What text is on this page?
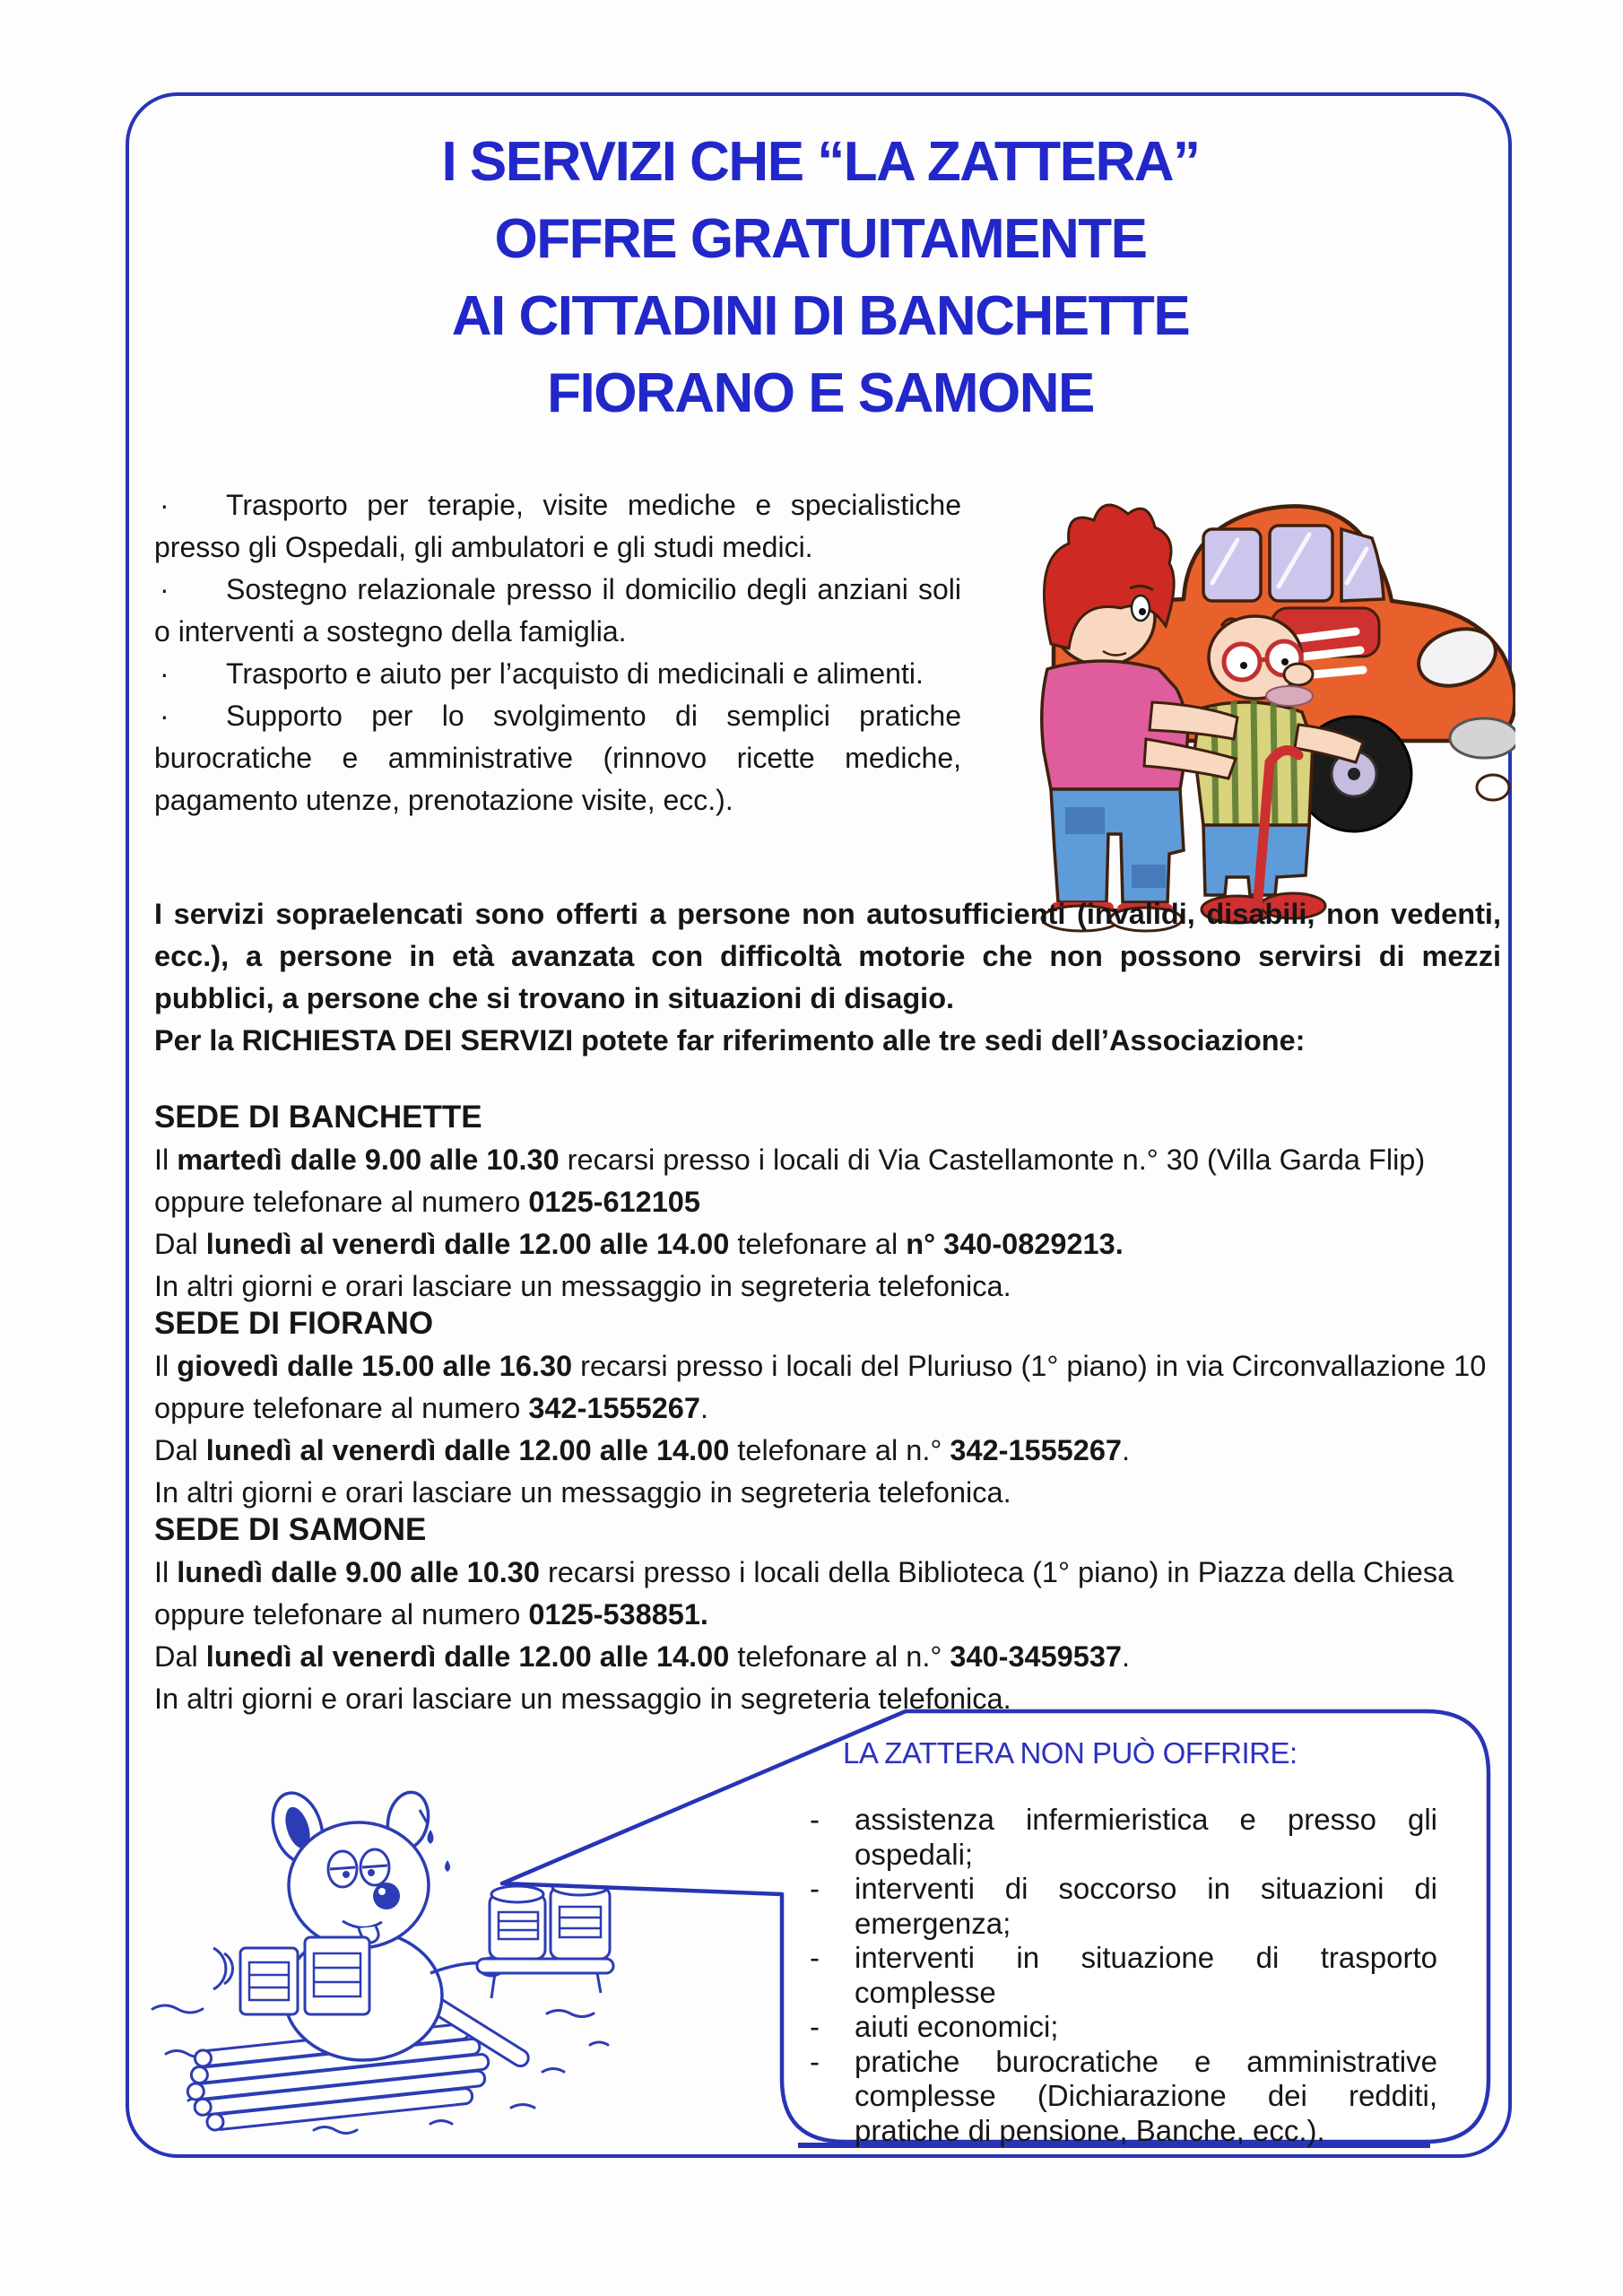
I SERVIZI CHE “LA ZATTERA”
OFFRE GRATUITAMENTE
AI CITTADINI DI BANCHETTE
FIORANO E SAMONE

· Trasporto per terapie, visite mediche e specialistiche presso gli Ospedali, gli ambulatori e gli studi medici.

· Sostegno relazionale presso il domicilio degli anziani soli o interventi a sostegno della famiglia.

· Trasporto e aiuto per l’acquisto di medicinali e alimenti.

· Supporto per lo svolgimento di semplici pratiche burocratiche e amministrative (rinnovo ricette mediche, pagamento utenze, prenotazione visite, ecc.).

I servizi sopraelencati sono offerti a persone non autosufficienti (invalidi, disabili, non vedenti, ecc.), a persone in età avanzata con difficoltà motorie che non possono servirsi di mezzi pubblici, a persone che si trovano in situazioni di disagio.

Per la RICHIESTA DEI SERVIZI potete far riferimento alle tre sedi dell’Associazione:

SEDE DI BANCHETTE

Il martedì dalle 9.00 alle 10.30 recarsi presso i locali di Via Castellamonte n.° 30 (Villa Garda Flip) oppure telefonare al numero 0125-612105

Dal lunedì al venerdì dalle 12.00 alle 14.00 telefonare al n° 340-0829213.

In altri giorni e orari lasciare un messaggio in segreteria telefonica.

SEDE DI FIORANO

Il giovedì dalle 15.00 alle 16.30 recarsi presso i locali del Pluriuso (1° piano) in via Circonvallazione 10 oppure telefonare al numero 342-1555267.

Dal lunedì al venerdì dalle 12.00 alle 14.00 telefonare al n.° 342-1555267.

In altri giorni e orari lasciare un messaggio in segreteria telefonica.

SEDE DI SAMONE

Il lunedì dalle 9.00 alle 10.30 recarsi presso i locali della Biblioteca (1° piano) in Piazza della Chiesa oppure telefonare al numero 0125-538851.

Dal lunedì al venerdì dalle 12.00 alle 14.00 telefonare al n.° 340-3459537.

In altri giorni e orari lasciare un messaggio in segreteria telefonica.

LA ZATTERA NON PUÒ OFFRIRE:
-	assistenza infermieristica e presso gli ospedali;
-	interventi di soccorso in situazioni di emergenza;
-	interventi in situazione di trasporto complesse
-	aiuti economici;
-	pratiche burocratiche e amministrative complesse (Dichiarazione dei redditi, pratiche di pensione, Banche, ecc.).
